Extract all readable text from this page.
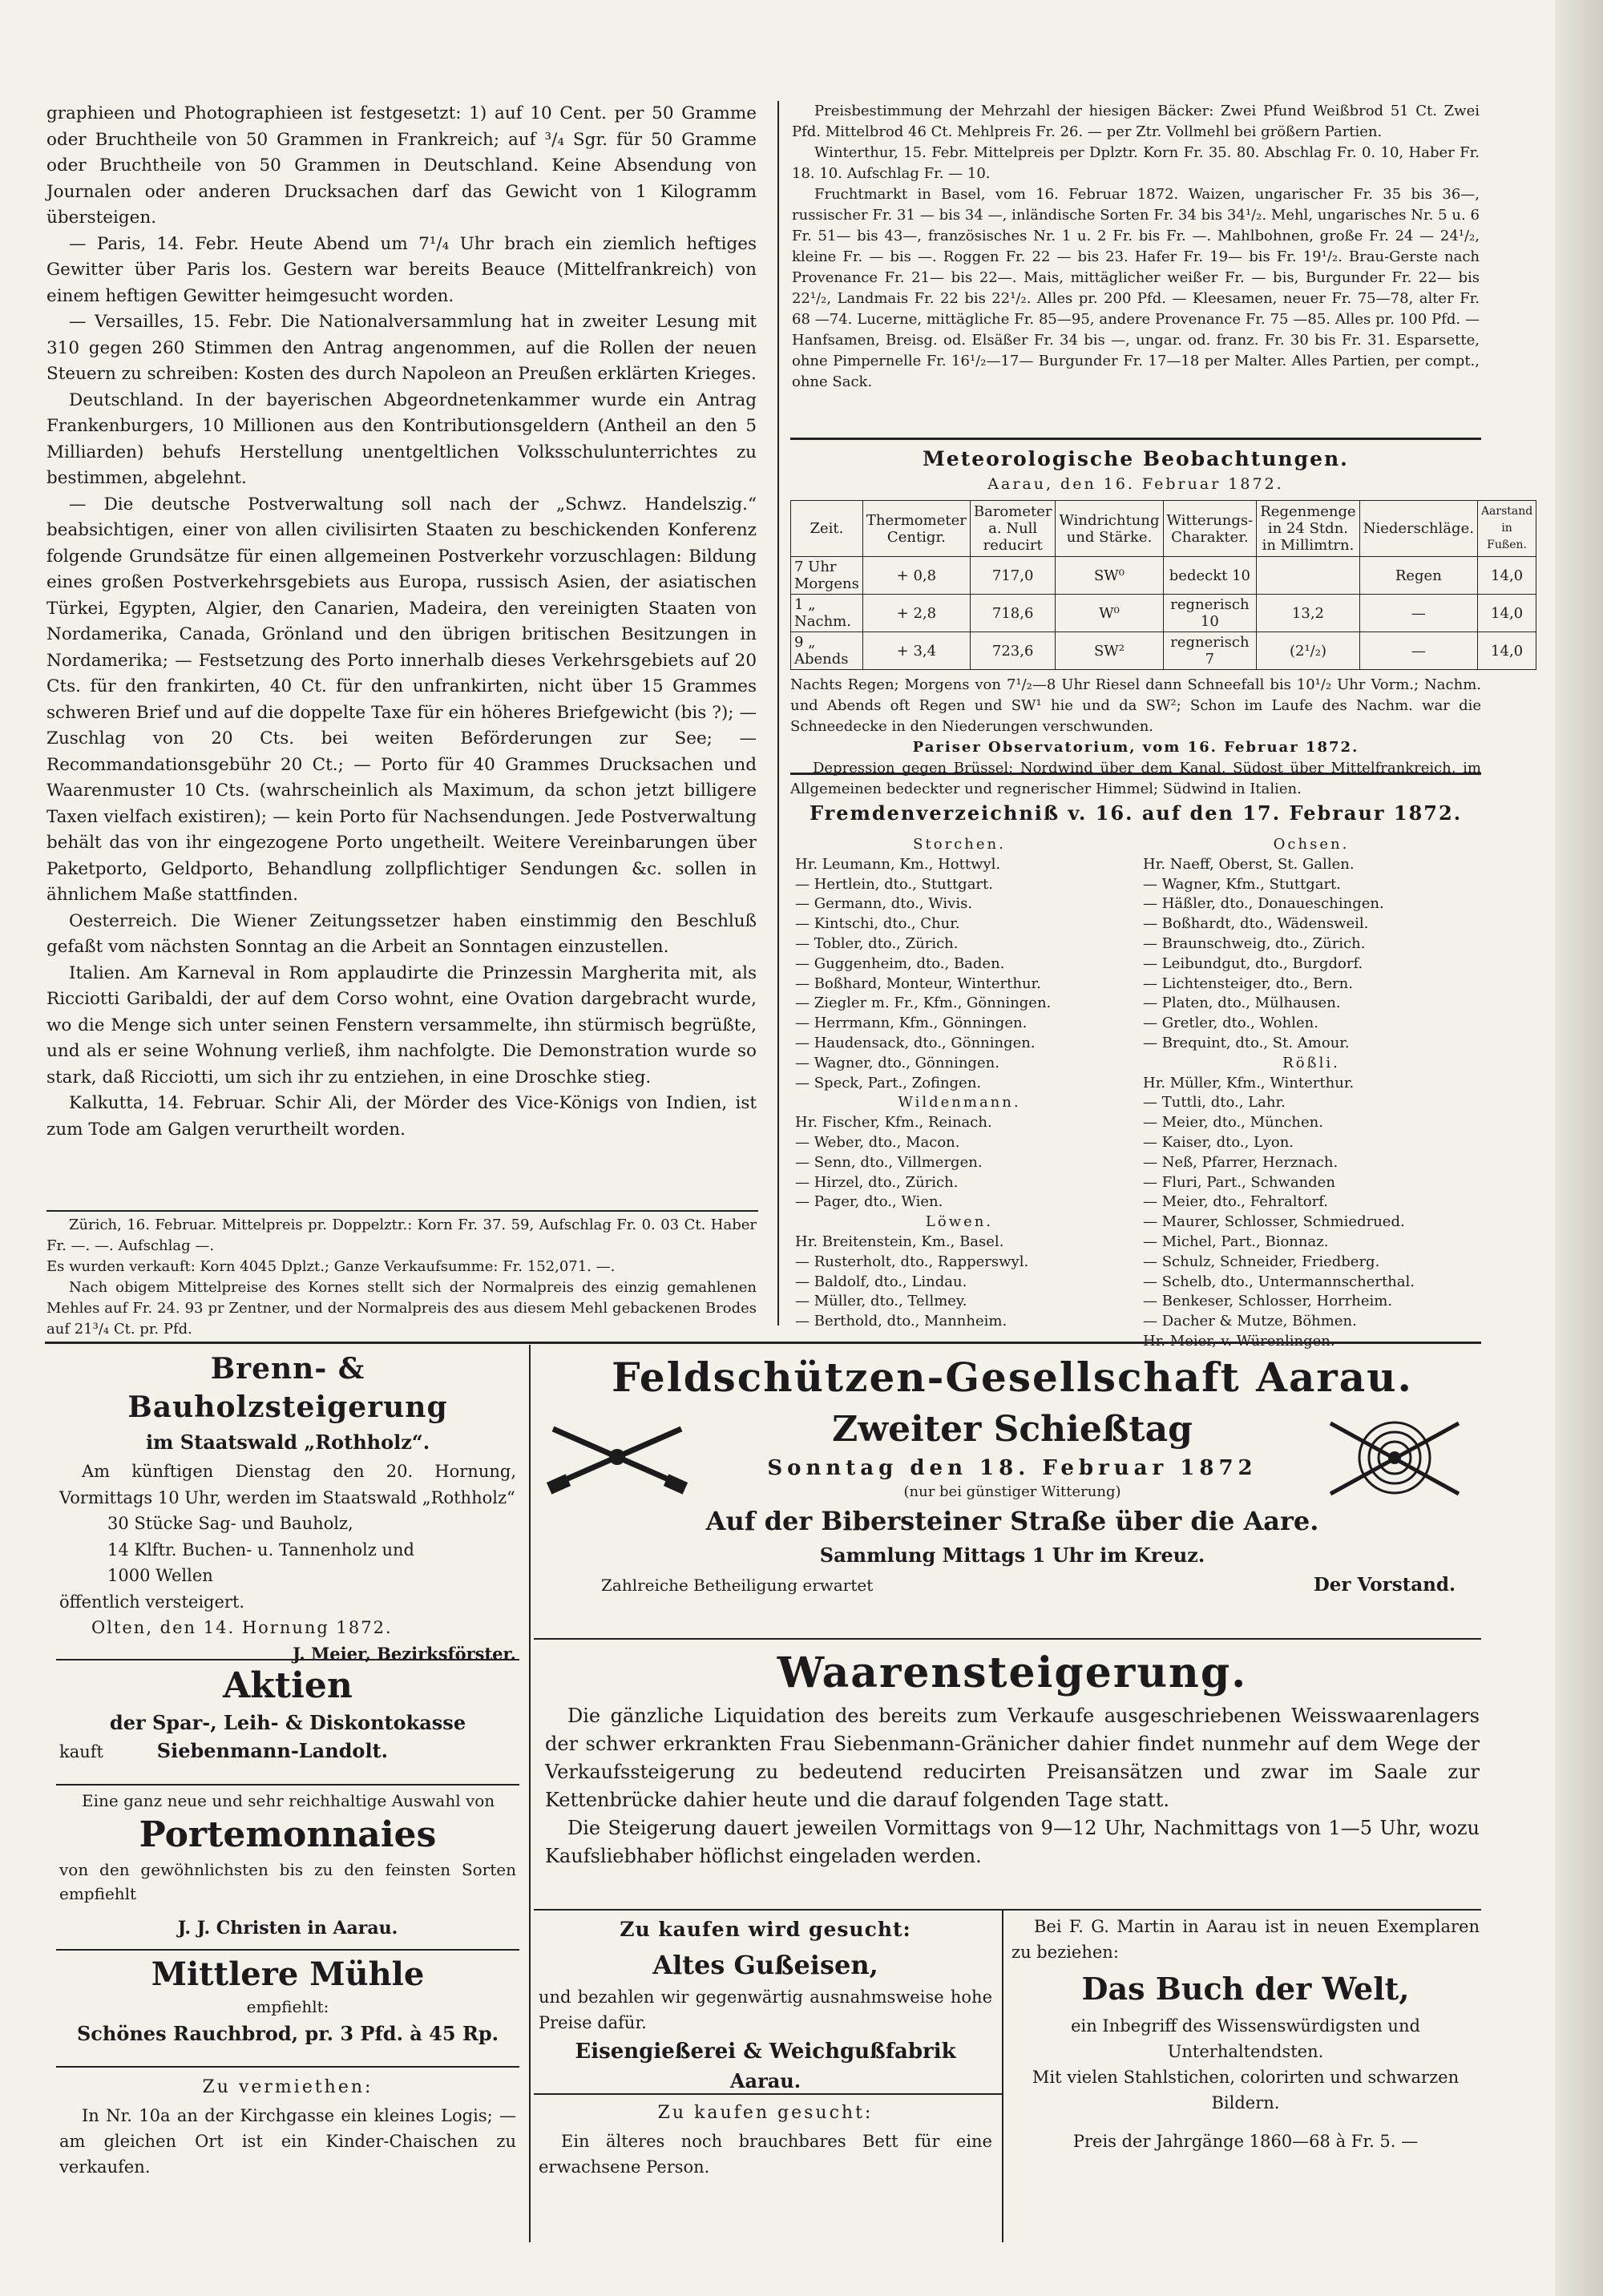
graphieen und Photographieen ist festgesetzt: 1) auf 10 Cent. per 50 Gramme oder Bruchtheile von 50 Grammen in Frankreich; auf ³/₄ Sgr. für 50 Gramme oder Bruchtheile von 50 Grammen in Deutschland. Keine Absendung von Journalen oder anderen Drucksachen darf das Gewicht von 1 Kilogramm übersteigen.

— Paris, 14. Febr. Heute Abend um 7¹/₄ Uhr brach ein ziemlich heftiges Gewitter über Paris los. Gestern war bereits Beauce (Mittelfrankreich) von einem heftigen Gewitter heimgesucht worden.

— Versailles, 15. Febr. Die Nationalversammlung hat in zweiter Lesung mit 310 gegen 260 Stimmen den Antrag angenommen, auf die Rollen der neuen Steuern zu schreiben: Kosten des durch Napoleon an Preußen erklärten Krieges.

Deutschland. In der bayerischen Abgeordnetenkammer wurde ein Antrag Frankenburgers, 10 Millionen aus den Kontributionsgeldern (Antheil an den 5 Milliarden) behufs Herstellung unentgeltlichen Volksschulunterrichtes zu bestimmen, abgelehnt.

— Die deutsche Postverwaltung soll nach der „Schwz. Handelszig.“ beabsichtigen, einer von allen civilisirten Staaten zu beschickenden Konferenz folgende Grundsätze für einen allgemeinen Postverkehr vorzuschlagen: Bildung eines großen Postverkehrsgebiets aus Europa, russisch Asien, der asiatischen Türkei, Egypten, Algier, den Canarien, Madeira, den vereinigten Staaten von Nordamerika, Canada, Grönland und den übrigen britischen Besitzungen in Nordamerika; — Festsetzung des Porto innerhalb dieses Verkehrsgebiets auf 20 Cts. für den frankirten, 40 Ct. für den unfrankirten, nicht über 15 Grammes schweren Brief und auf die doppelte Taxe für ein höheres Briefgewicht (bis ?); — Zuschlag von 20 Cts. bei weiten Beförderungen zur See; — Recommandationsgebühr 20 Ct.; — Porto für 40 Grammes Drucksachen und Waarenmuster 10 Cts. (wahrscheinlich als Maximum, da schon jetzt billigere Taxen vielfach existiren); — kein Porto für Nachsendungen. Jede Postverwaltung behält das von ihr eingezogene Porto ungetheilt. Weitere Vereinbarungen über Paketporto, Geldporto, Behandlung zollpflichtiger Sendungen &c. sollen in ähnlichem Maße stattfinden.

Oesterreich. Die Wiener Zeitungssetzer haben einstimmig den Beschluß gefaßt vom nächsten Sonntag an die Arbeit an Sonntagen einzustellen.

Italien. Am Karneval in Rom applaudirte die Prinzessin Margherita mit, als Ricciotti Garibaldi, der auf dem Corso wohnt, eine Ovation dargebracht wurde, wo die Menge sich unter seinen Fenstern versammelte, ihn stürmisch begrüßte, und als er seine Wohnung verließ, ihm nachfolgte. Die Demonstration wurde so stark, daß Ricciotti, um sich ihr zu entziehen, in eine Droschke stieg.

Kalkutta, 14. Februar. Schir Ali, der Mörder des Vice-Königs von Indien, ist zum Tode am Galgen verurtheilt worden.

Zürich, 16. Februar. Mittelpreis pr. Doppelztr.: Korn Fr. 37. 59, Aufschlag Fr. 0. 03 Ct. Haber Fr. —. —. Aufschlag —.

Es wurden verkauft: Korn 4045 Dplzt.; Ganze Verkaufsumme: Fr. 152,071. —.

Nach obigem Mittelpreise des Kornes stellt sich der Normalpreis des einzig gemahlenen Mehles auf Fr. 24. 93 pr Zentner, und der Normalpreis des aus diesem Mehl gebackenen Brodes auf 21³/₄ Ct. pr. Pfd.

Preisbestimmung der Mehrzahl der hiesigen Bäcker: Zwei Pfund Weißbrod 51 Ct. Zwei Pfd. Mittelbrod 46 Ct. Mehlpreis Fr. 26. — per Ztr. Vollmehl bei größern Partien.

Winterthur, 15. Febr. Mittelpreis per Dplztr. Korn Fr. 35. 80. Abschlag Fr. 0. 10, Haber Fr. 18. 10. Aufschlag Fr. — 10.

Fruchtmarkt in Basel, vom 16. Februar 1872. Waizen, ungarischer Fr. 35 bis 36—, russischer Fr. 31 — bis 34 —, inländische Sorten Fr. 34 bis 34¹/₂. Mehl, ungarisches Nr. 5 u. 6 Fr. 51— bis 43—, französisches Nr. 1 u. 2 Fr. bis Fr. —. Mahlbohnen, große Fr. 24 — 24¹/₂, kleine Fr. — bis —. Roggen Fr. 22 — bis 23. Hafer Fr. 19— bis Fr. 19¹/₂. Brau-Gerste nach Provenance Fr. 21— bis 22—. Mais, mittäglicher weißer Fr. — bis, Burgunder Fr. 22— bis 22¹/₂, Landmais Fr. 22 bis 22¹/₂. Alles pr. 200 Pfd. — Kleesamen, neuer Fr. 75—78, alter Fr. 68 —74. Lucerne, mittägliche Fr. 85—95, andere Provenance Fr. 75 —85. Alles pr. 100 Pfd. — Hanfsamen, Breisg. od. Elsäßer Fr. 34 bis —, ungar. od. franz. Fr. 30 bis Fr. 31. Esparsette, ohne Pimpernelle Fr. 16¹/₂—17— Burgunder Fr. 17—18 per Malter. Alles Partien, per compt., ohne Sack.

Meteorologische Beobachtungen.
Aarau, den 16. Februar 1872.
Zeit.	Thermometer Centigr.	Barometer a. Null reducirt	Windrichtung und Stärke.	Witterungs-Charakter.	Regenmenge in 24 Stdn. in Millimtrn.	Niederschläge.	Aarstand in Fußen.
7 Uhr Morgens	+ 0,8	717,0	SW⁰	bedeckt 10		Regen	14,0
1 „ Nachm.	+ 2,8	718,6	W⁰	regnerisch 10	13,2	—	14,0
9 „ Abends	+ 3,4	723,6	SW²	regnerisch 7	(2¹/₂)	—	14,0

Nachts Regen; Morgens von 7¹/₂—8 Uhr Riesel dann Schneefall bis 10¹/₂ Uhr Vorm.; Nachm. und Abends oft Regen und SW¹ hie und da SW²; Schon im Laufe des Nachm. war die Schneedecke in den Niederungen verschwunden.

Pariser Observatorium, vom 16. Februar 1872.

Depression gegen Brüssel; Nordwind über dem Kanal, Südost über Mittelfrankreich, im Allgemeinen bedeckter und regnerischer Himmel; Südwind in Italien.

Fremdenverzeichniß v. 16. auf den 17. Febraur 1872.
Storchen.
Hr. Leumann, Km., Hottwyl.
— Hertlein, dto., Stuttgart.
— Germann, dto., Wivis.
— Kintschi, dto., Chur.
— Tobler, dto., Zürich.
— Guggenheim, dto., Baden.
— Boßhard, Monteur, Winterthur.
— Ziegler m. Fr., Kfm., Gönningen.
— Herrmann, Kfm., Gönningen.
— Haudensack, dto., Gönningen.
— Wagner, dto., Gönningen.
— Speck, Part., Zofingen.
Wildenmann.
Hr. Fischer, Kfm., Reinach.
— Weber, dto., Macon.
— Senn, dto., Villmergen.
— Hirzel, dto., Zürich.
— Pager, dto., Wien.
Löwen.
Hr. Breitenstein, Km., Basel.
— Rusterholt, dto., Rapperswyl.
— Baldolf, dto., Lindau.
— Müller, dto., Tellmey.
— Berthold, dto., Mannheim.
Ochsen.
Hr. Naeff, Oberst, St. Gallen.
— Wagner, Kfm., Stuttgart.
— Häßler, dto., Donaueschingen.
— Boßhardt, dto., Wädensweil.
— Braunschweig, dto., Zürich.
— Leibundgut, dto., Burgdorf.
— Lichtensteiger, dto., Bern.
— Platen, dto., Mülhausen.
— Gretler, dto., Wohlen.
— Brequint, dto., St. Amour.
Rößli.
Hr. Müller, Kfm., Winterthur.
— Tuttli, dto., Lahr.
— Meier, dto., München.
— Kaiser, dto., Lyon.
— Neß, Pfarrer, Herznach.
— Fluri, Part., Schwanden
— Meier, dto., Fehraltorf.
— Maurer, Schlosser, Schmiedrued.
— Michel, Part., Bionnaz.
— Schulz, Schneider, Friedberg.
— Schelb, dto., Untermannscherthal.
— Benkeser, Schlosser, Horrheim.
— Dacher & Mutze, Böhmen.
Hr. Meier, v. Würenlingen.

Brenn- & Bauholzsteigerung

im Staatswald „Rothholz“.

Am künftigen Dienstag den 20. Hornung, Vormittags 10 Uhr, werden im Staatswald „Rothholz“

30 Stücke Sag- und Bauholz,

14 Klftr. Buchen- u. Tannenholz und

1000 Wellen

öffentlich versteigert.

Olten, den 14. Hornung 1872.

J. Meier, Bezirksförster.

Aktien

der Spar-, Leih- & Diskontokasse

kauft	Siebenmann-Landolt.

Eine ganz neue und sehr reichhaltige Auswahl von

Portemonnaies

von den gewöhnlichsten bis zu den feinsten Sorten empfiehlt

J. J. Christen in Aarau.

Mittlere Mühle

empfiehlt:

Schönes Rauchbrod, pr. 3 Pfd. à 45 Rp.

Zu vermiethen:

In Nr. 10a an der Kirchgasse ein kleines Logis; — am gleichen Ort ist ein Kinder-Chaischen zu verkaufen.

Feldschützen-Gesellschaft Aarau.

Zweiter Schießtag

Sonntag den 18. Februar 1872

(nur bei günstiger Witterung)

Auf der Bibersteiner Straße über die Aare.

Sammlung Mittags 1 Uhr im Kreuz.

Zahlreiche Betheiligung erwartet	Der Vorstand.

Waarensteigerung.

Die gänzliche Liquidation des bereits zum Verkaufe ausgeschriebenen Weisswaarenlagers der schwer erkrankten Frau Siebenmann-Gränicher dahier findet nunmehr auf dem Wege der Verkaufssteigerung zu bedeutend reducirten Preisansätzen und zwar im Saale zur Kettenbrücke dahier heute und die darauf folgenden Tage statt.

Die Steigerung dauert jeweilen Vormittags von 9—12 Uhr, Nachmittags von 1—5 Uhr, wozu Kaufsliebhaber höflichst eingeladen werden.

Zu kaufen wird gesucht:

Altes Gußeisen,

und bezahlen wir gegenwärtig ausnahmsweise hohe Preise dafür.

Eisengießerei & Weichgußfabrik

Aarau.

Zu kaufen gesucht:

Ein älteres noch brauchbares Bett für eine erwachsene Person.

Bei F. G. Martin in Aarau ist in neuen Exemplaren zu beziehen:

Das Buch der Welt,

ein Inbegriff des Wissenswürdigsten und Unterhaltendsten.

Mit vielen Stahlstichen, colorirten und schwarzen Bildern.

Preis der Jahrgänge 1860—68 à Fr. 5. —
